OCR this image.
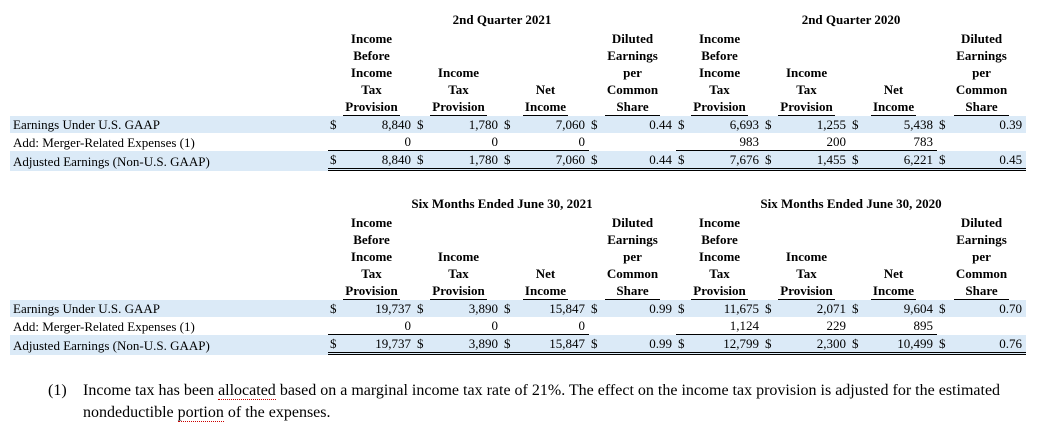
	2nd Quarter 2021				2nd Quarter 2020			
	Income
Before
Income
Tax
Provision	Income
Tax
Provision	Net
Income	Diluted
Earnings
per
Common
Share	Income
Before
Income
Tax
Provision	Income
Tax
Provision	Net
Income	Diluted
Earnings
per
Common
Share
Earnings Under U.S. GAAP	$ 8,840	$ 1,780	$ 7,060	$ 0.44	$ 6,693	$ 1,255	$ 5,438	$ 0.39

Add: Merger-Related Expenses (1)	0	0	0		983	200	783	

Adjusted Earnings (Non-U.S. GAAP)	$ 8,840	$ 1,780	$ 7,060	$ 0.44	$ 7,676	$ 1,455	$ 6,221	$ 0.45
	Six Months Ended June 30, 2021				Six Months Ended June 30, 2020			
	Income
Before
Income
Tax
Provision	Income
Tax
Provision	Net
Income	Diluted
Earnings
per
Common
Share	Income
Before
Income
Tax
Provision	Income
Tax
Provision	Net
Income	Diluted
Earnings
per
Common
Share
Earnings Under U.S. GAAP	$ 19,737	$ 3,890	$ 15,847	$ 0.99	$ 11,675	$ 2,071	$ 9,604	$ 0.70

Add: Merger-Related Expenses (1)	0	0	0		1,124	229	895	

Adjusted Earnings (Non-U.S. GAAP)	$ 19,737	$ 3,890	$ 15,847	$ 0.99	$ 12,799	$ 2,300	$ 10,499	$ 0.76
(1) Income tax has been allocated based on a marginal income tax rate of 21%. The effect on the income tax provision is adjusted for the estimated nondeductible portion of the expenses.
